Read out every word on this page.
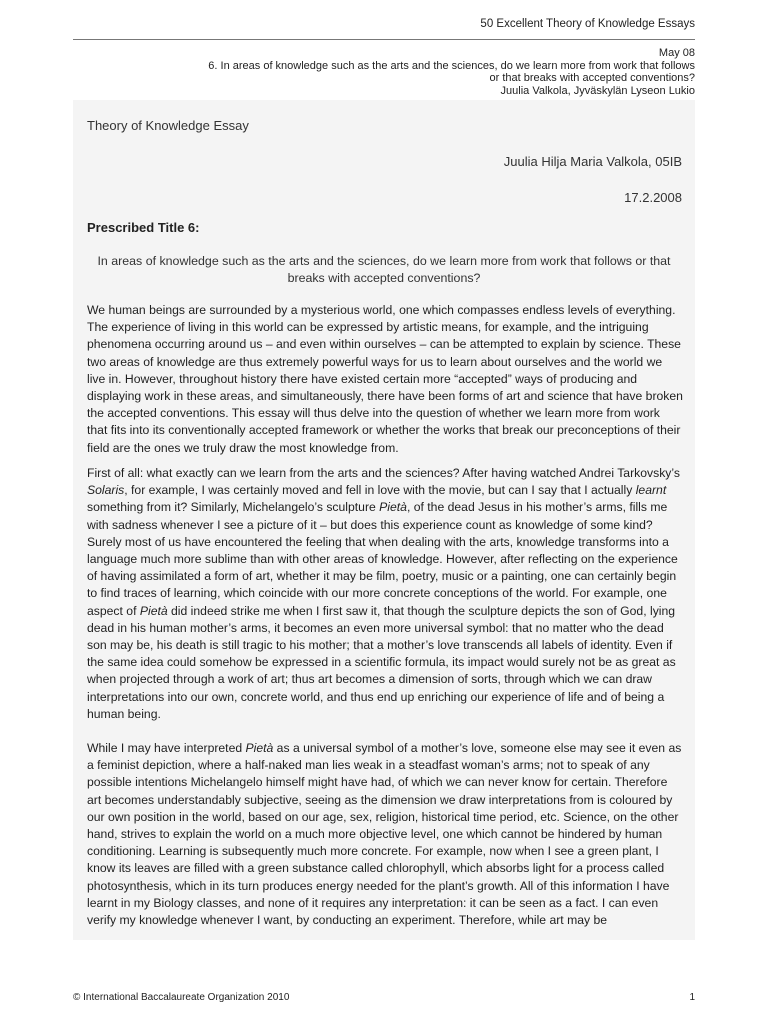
50 Excellent Theory of Knowledge Essays
May 08
6. In areas of knowledge such as the arts and the sciences, do we learn more from work that follows
or that breaks with accepted conventions?
Juulia Valkola, Jyväskylän Lyseon Lukio
Theory of Knowledge Essay
Juulia Hilja Maria Valkola, 05IB
17.2.2008
Prescribed Title 6:
In areas of knowledge such as the arts and the sciences, do we learn more from work that follows or that breaks with accepted conventions?
We human beings are surrounded by a mysterious world, one which compasses endless levels of everything. The experience of living in this world can be expressed by artistic means, for example, and the intriguing phenomena occurring around us – and even within ourselves – can be attempted to explain by science. These two areas of knowledge are thus extremely powerful ways for us to learn about ourselves and the world we live in. However, throughout history there have existed certain more “accepted” ways of producing and displaying work in these areas, and simultaneously, there have been forms of art and science that have broken the accepted conventions. This essay will thus delve into the question of whether we learn more from work that fits into its conventionally accepted framework or whether the works that break our preconceptions of their field are the ones we truly draw the most knowledge from.
First of all: what exactly can we learn from the arts and the sciences? After having watched Andrei Tarkovsky’s Solaris, for example, I was certainly moved and fell in love with the movie, but can I say that I actually learnt something from it? Similarly, Michelangelo’s sculpture Pietà, of the dead Jesus in his mother’s arms, fills me with sadness whenever I see a picture of it – but does this experience count as knowledge of some kind? Surely most of us have encountered the feeling that when dealing with the arts, knowledge transforms into a language much more sublime than with other areas of knowledge. However, after reflecting on the experience of having assimilated a form of art, whether it may be film, poetry, music or a painting, one can certainly begin to find traces of learning, which coincide with our more concrete conceptions of the world. For example, one aspect of Pietà did indeed strike me when I first saw it, that though the sculpture depicts the son of God, lying dead in his human mother’s arms, it becomes an even more universal symbol: that no matter who the dead son may be, his death is still tragic to his mother; that a mother’s love transcends all labels of identity. Even if the same idea could somehow be expressed in a scientific formula, its impact would surely not be as great as when projected through a work of art; thus art becomes a dimension of sorts, through which we can draw interpretations into our own, concrete world, and thus end up enriching our experience of life and of being a human being.
While I may have interpreted Pietà as a universal symbol of a mother’s love, someone else may see it even as a feminist depiction, where a half-naked man lies weak in a steadfast woman’s arms; not to speak of any possible intentions Michelangelo himself might have had, of which we can never know for certain. Therefore art becomes understandably subjective, seeing as the dimension we draw interpretations from is coloured by our own position in the world, based on our age, sex, religion, historical time period, etc. Science, on the other hand, strives to explain the world on a much more objective level, one which cannot be hindered by human conditioning. Learning is subsequently much more concrete. For example, now when I see a green plant, I know its leaves are filled with a green substance called chlorophyll, which absorbs light for a process called photosynthesis, which in its turn produces energy needed for the plant’s growth. All of this information I have learnt in my Biology classes, and none of it requires any interpretation: it can be seen as a fact. I can even verify my knowledge whenever I want, by conducting an experiment. Therefore, while art may be
© International Baccalaureate Organization 2010	1
